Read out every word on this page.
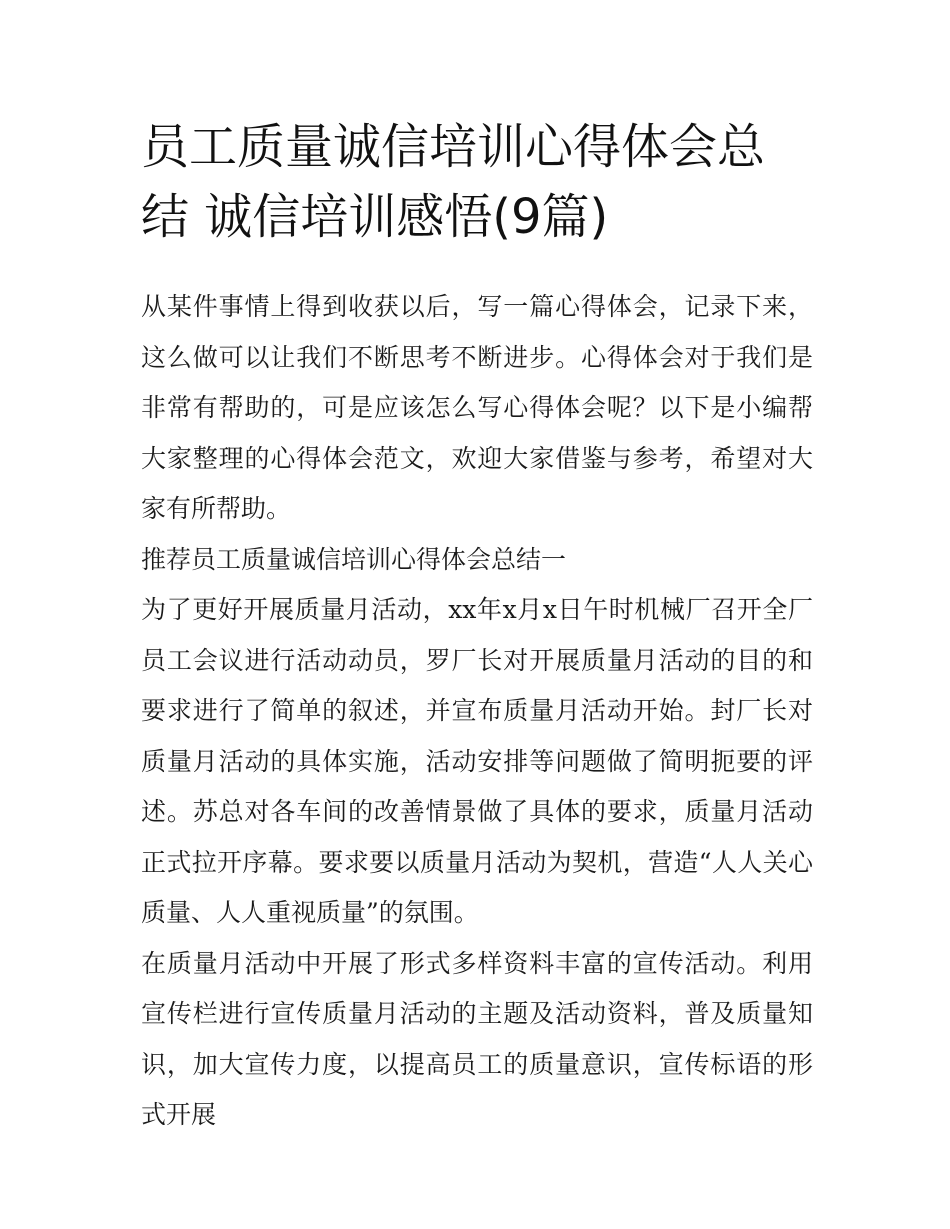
员工质量诚信培训心得体会总
结 诚信培训感悟(9篇)

从某件事情上得到收获以后，写一篇心得体会，记录下来，这么做可以让我们不断思考不断进步。心得体会对于我们是非常有帮助的，可是应该怎么写心得体会呢？以下是小编帮大家整理的心得体会范文，欢迎大家借鉴与参考，希望对大家有所帮助。

推荐员工质量诚信培训心得体会总结一

为了更好开展质量月活动，xx年x月x日午时机械厂召开全厂员工会议进行活动动员，罗厂长对开展质量月活动的目的和要求进行了简单的叙述，并宣布质量月活动开始。封厂长对质量月活动的具体实施，活动安排等问题做了简明扼要的评述。苏总对各车间的改善情景做了具体的要求，质量月活动正式拉开序幕。要求要以质量月活动为契机，营造“人人关心质量、人人重视质量”的氛围。

在质量月活动中开展了形式多样资料丰富的宣传活动。利用宣传栏进行宣传质量月活动的主题及活动资料，普及质量知识，加大宣传力度，以提高员工的质量意识，宣传标语的形式开展
